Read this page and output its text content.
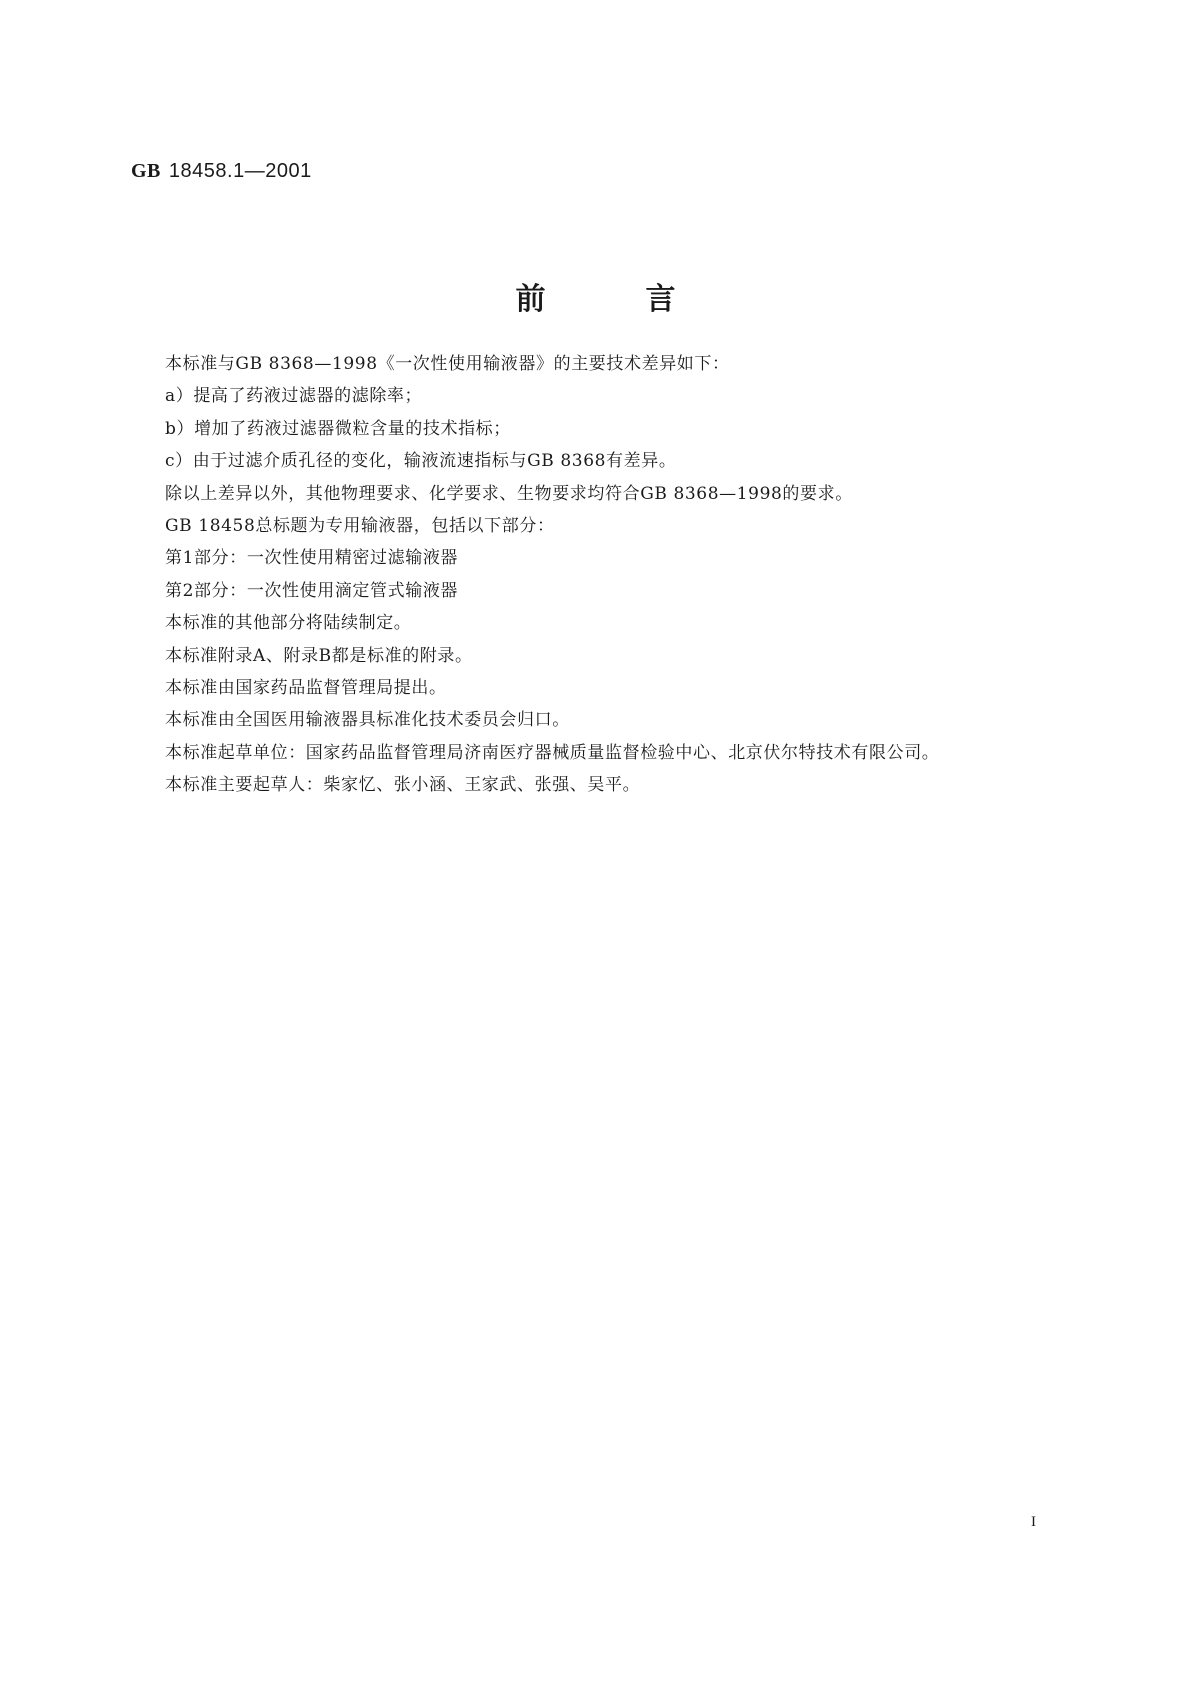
GB 18458.1—2001
前言

本标准与GB 8368—1998《一次性使用输液器》的主要技术差异如下：

a）提高了药液过滤器的滤除率；

b）增加了药液过滤器微粒含量的技术指标；

c）由于过滤介质孔径的变化，输液流速指标与GB 8368有差异。

除以上差异以外，其他物理要求、化学要求、生物要求均符合GB 8368—1998的要求。

GB 18458总标题为专用输液器，包括以下部分：

第1部分：一次性使用精密过滤输液器

第2部分：一次性使用滴定管式输液器

本标准的其他部分将陆续制定。

本标准附录A、附录B都是标准的附录。

本标准由国家药品监督管理局提出。

本标准由全国医用输液器具标准化技术委员会归口。

本标准起草单位：国家药品监督管理局济南医疗器械质量监督检验中心、北京伏尔特技术有限公司。

本标准主要起草人：柴家忆、张小涵、王家武、张强、吴平。

I
